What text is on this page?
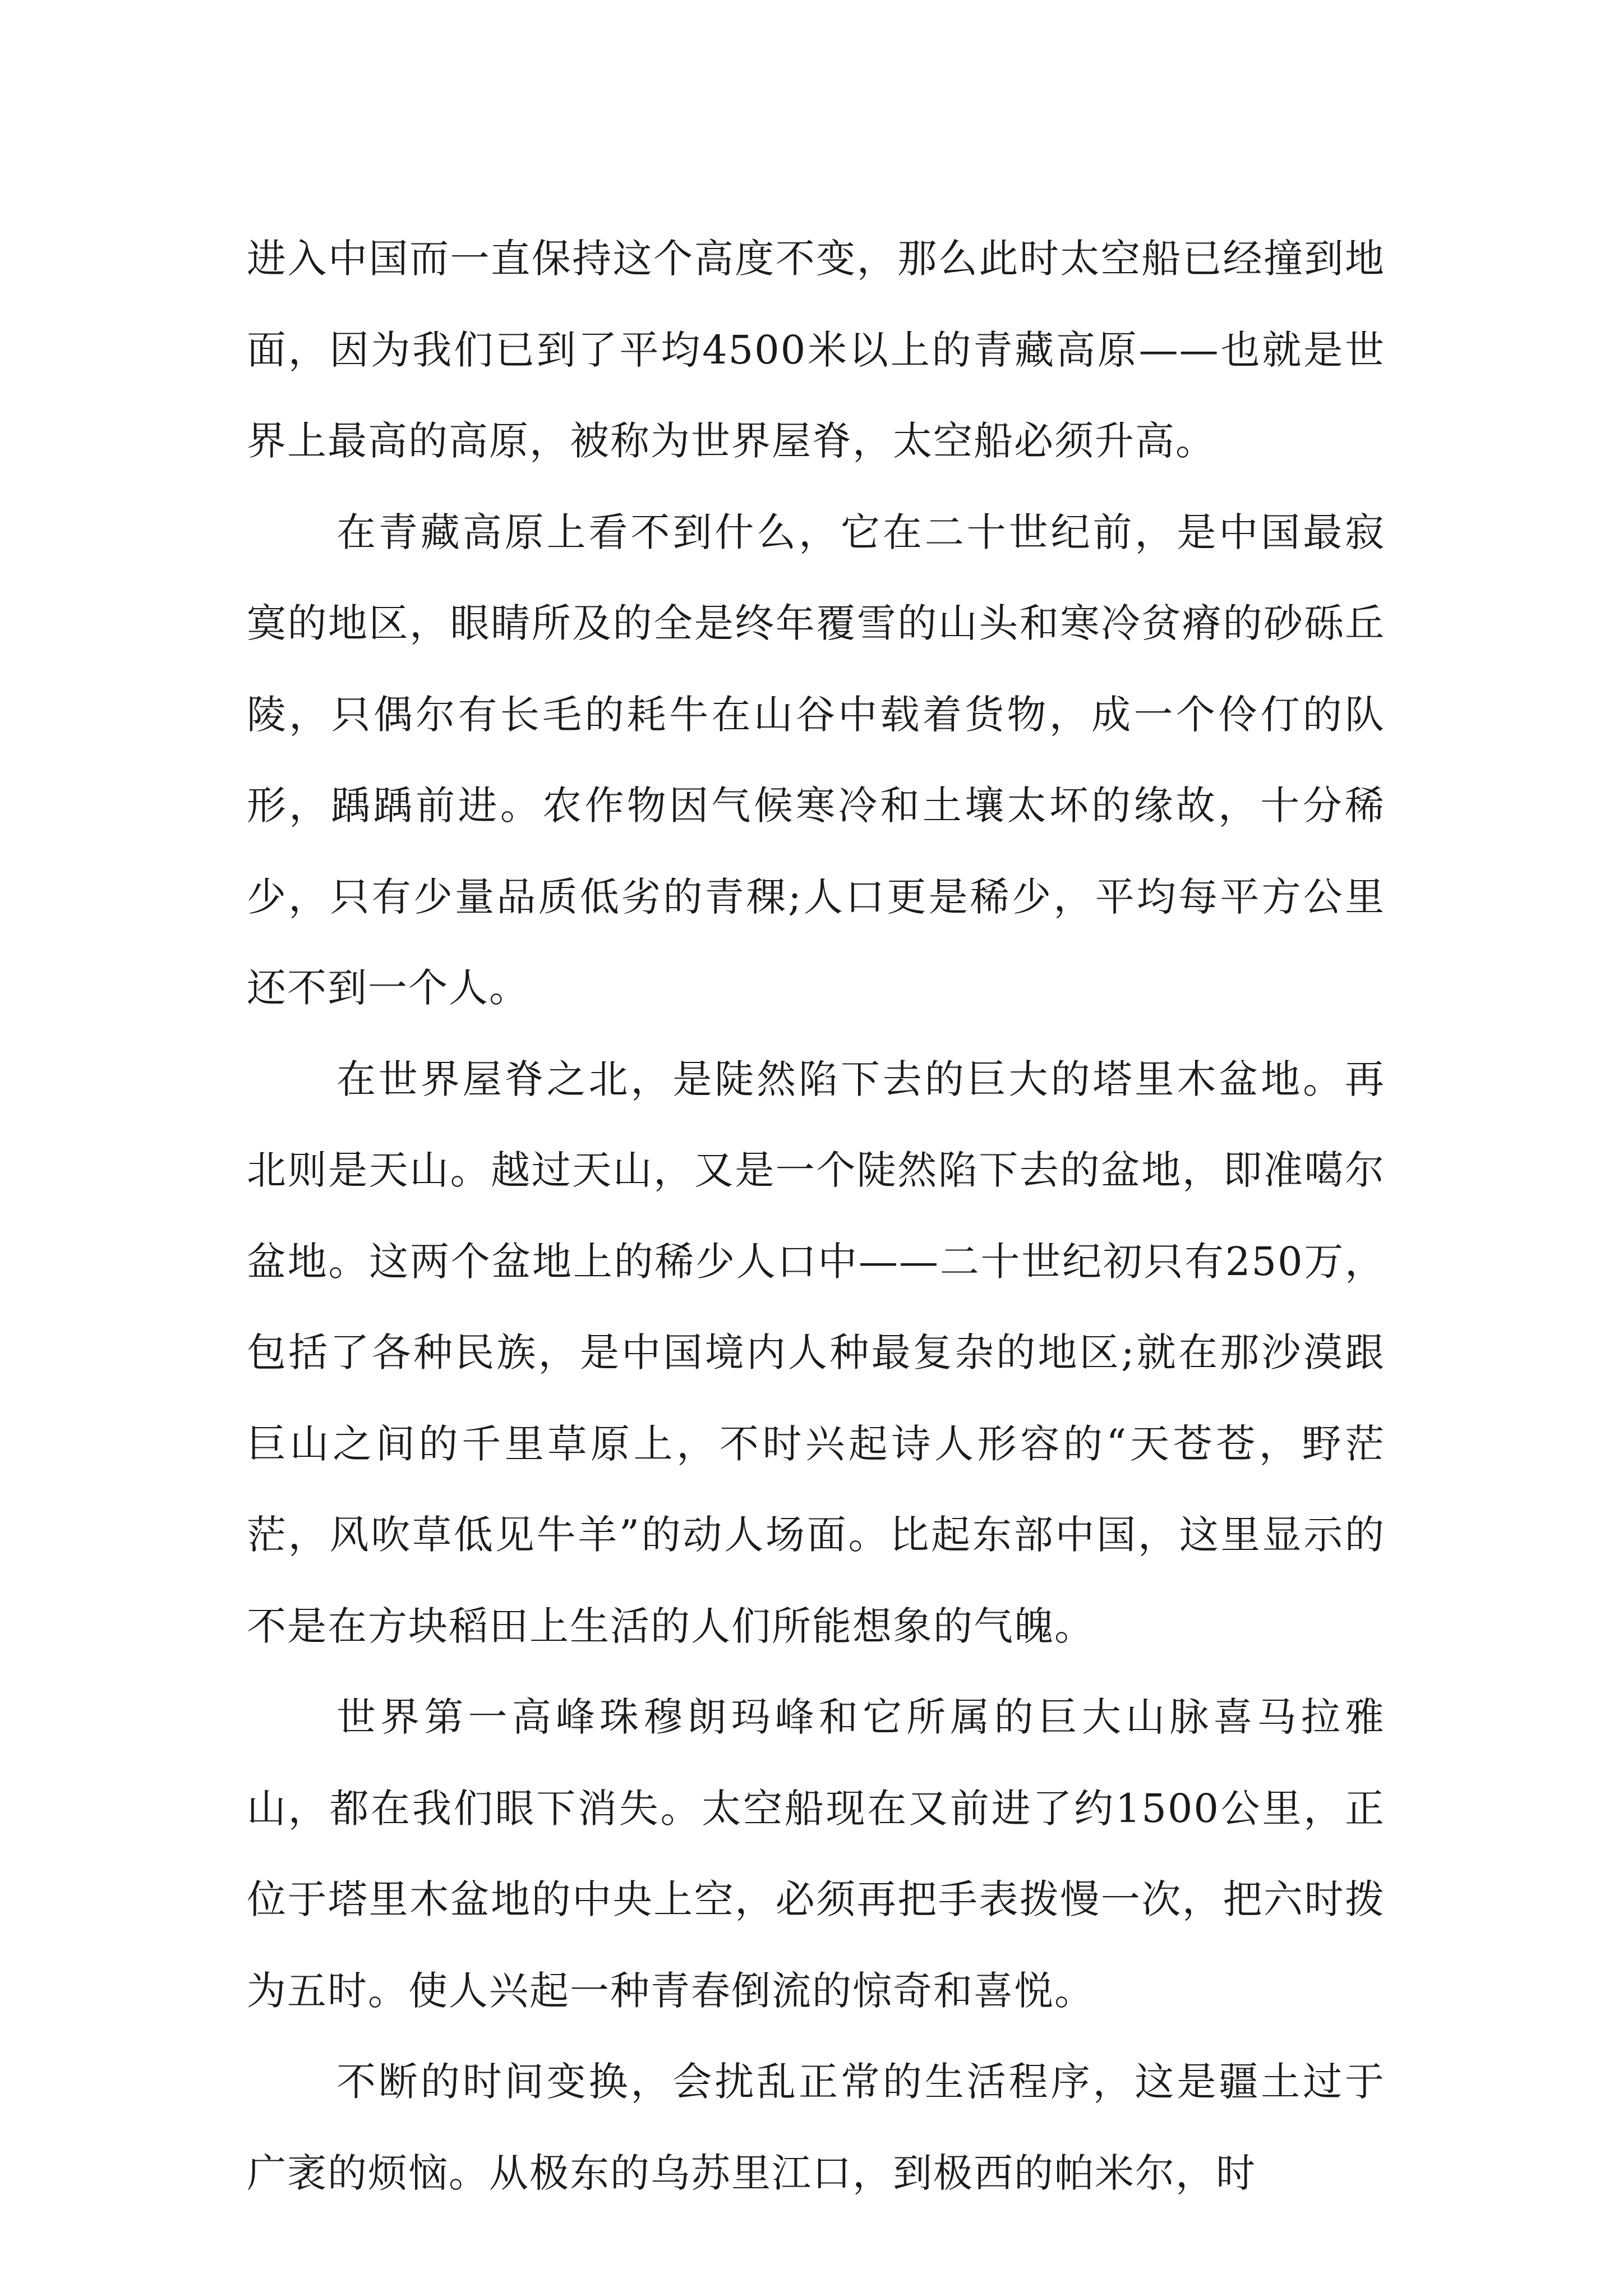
进入中国而一直保持这个高度不变，那么此时太空船已经撞到地面，因为我们已到了平均4500米以上的青藏高原——也就是世界上最高的高原，被称为世界屋脊，太空船必须升高。

在青藏高原上看不到什么，它在二十世纪前，是中国最寂寞的地区，眼睛所及的全是终年覆雪的山头和寒冷贫瘠的砂砾丘陵，只偶尔有长毛的耗牛在山谷中载着货物，成一个伶仃的队形，踽踽前进。农作物因气候寒冷和土壤太坏的缘故，十分稀少，只有少量品质低劣的青稞;人口更是稀少，平均每平方公里还不到一个人。

在世界屋脊之北，是陡然陷下去的巨大的塔里木盆地。再北则是天山。越过天山，又是一个陡然陷下去的盆地，即准噶尔盆地。这两个盆地上的稀少人口中——二十世纪初只有250万，包括了各种民族，是中国境内人种最复杂的地区;就在那沙漠跟巨山之间的千里草原上，不时兴起诗人形容的“天苍苍，野茫茫，风吹草低见牛羊”的动人场面。比起东部中国，这里显示的不是在方块稻田上生活的人们所能想象的气魄。

世界第一高峰珠穆朗玛峰和它所属的巨大山脉喜马拉雅山，都在我们眼下消失。太空船现在又前进了约1500公里，正位于塔里木盆地的中央上空，必须再把手表拨慢一次，把六时拨为五时。使人兴起一种青春倒流的惊奇和喜悦。

不断的时间变换，会扰乱正常的生活程序，这是疆土过于广袤的烦恼。从极东的乌苏里江口，到极西的帕米尔，时
